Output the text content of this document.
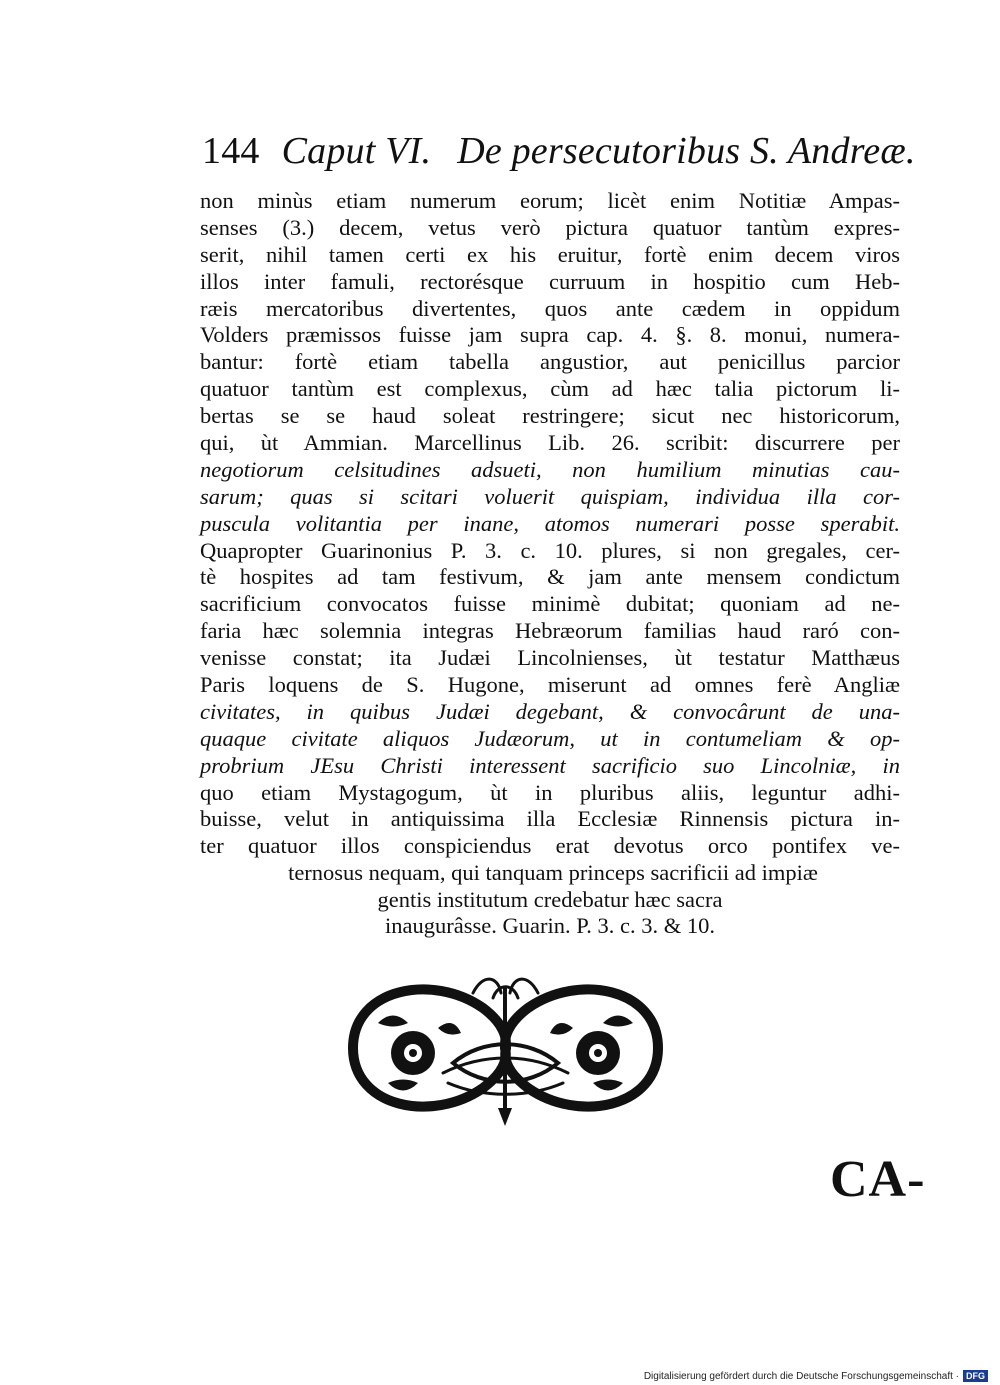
144 Caput VI. De persecutoribus S. Andreæ.
non minùs etiam numerum eorum; licèt enim Notitiæ Ampas-
senses (3.) decem, vetus verò pictura quatuor tantùm expres-
serit, nihil tamen certi ex his eruitur, fortè enim decem viros
illos inter famuli, rectorésque curruum in hospitio cum Heb-
ræis mercatoribus divertentes, quos ante cædem in oppidum
Volders præmissos fuisse jam supra cap. 4. §. 8. monui, numera-
bantur: fortè etiam tabella angustior, aut penicillus parcior
quatuor tantùm est complexus, cùm ad hæc talia pictorum li-
bertas se se haud soleat restringere; sicut nec historicorum,
qui, ùt Ammian. Marcellinus Lib. 26. scribit: discurrere per
negotiorum celsitudines adsueti, non humilium minutias cau-
sarum; quas si scitari voluerit quispiam, individua illa cor-
puscula volitantia per inane, atomos numerari posse sperabit.
Quapropter Guarinonius P. 3. c. 10. plures, si non gregales, cer-
tè hospites ad tam festivum, & jam ante mensem condictum
sacrificium convocatos fuisse minimè dubitat; quoniam ad ne-
faria hæc solemnia integras Hebræorum familias haud raró con-
venisse constat; ita Judæi Lincolnienses, ùt testatur Matthæus
Paris loquens de S. Hugone, miserunt ad omnes ferè Angliæ
civitates, in quibus Judæi degebant, & convocârunt de una-
quaque civitate aliquos Judæorum, ut in contumeliam & op-
probrium JEsu Christi interessent sacrificio suo Lincolniæ, in
quo etiam Mystagogum, ùt in pluribus aliis, leguntur adhi-
buisse, velut in antiquissima illa Ecclesiæ Rinnensis pictura in-
ter quatuor illos conspiciendus erat devotus orco pontifex ve-
ternosus nequam, qui tanquam princeps sacrificii ad impiæ
gentis institutum credebatur hæc sacra
inaugurâsse. Guarin. P. 3. c. 3. & 10.
CA-
Digitalisierung gefördert durch die Deutsche Forschungsgemeinschaft · DFG
